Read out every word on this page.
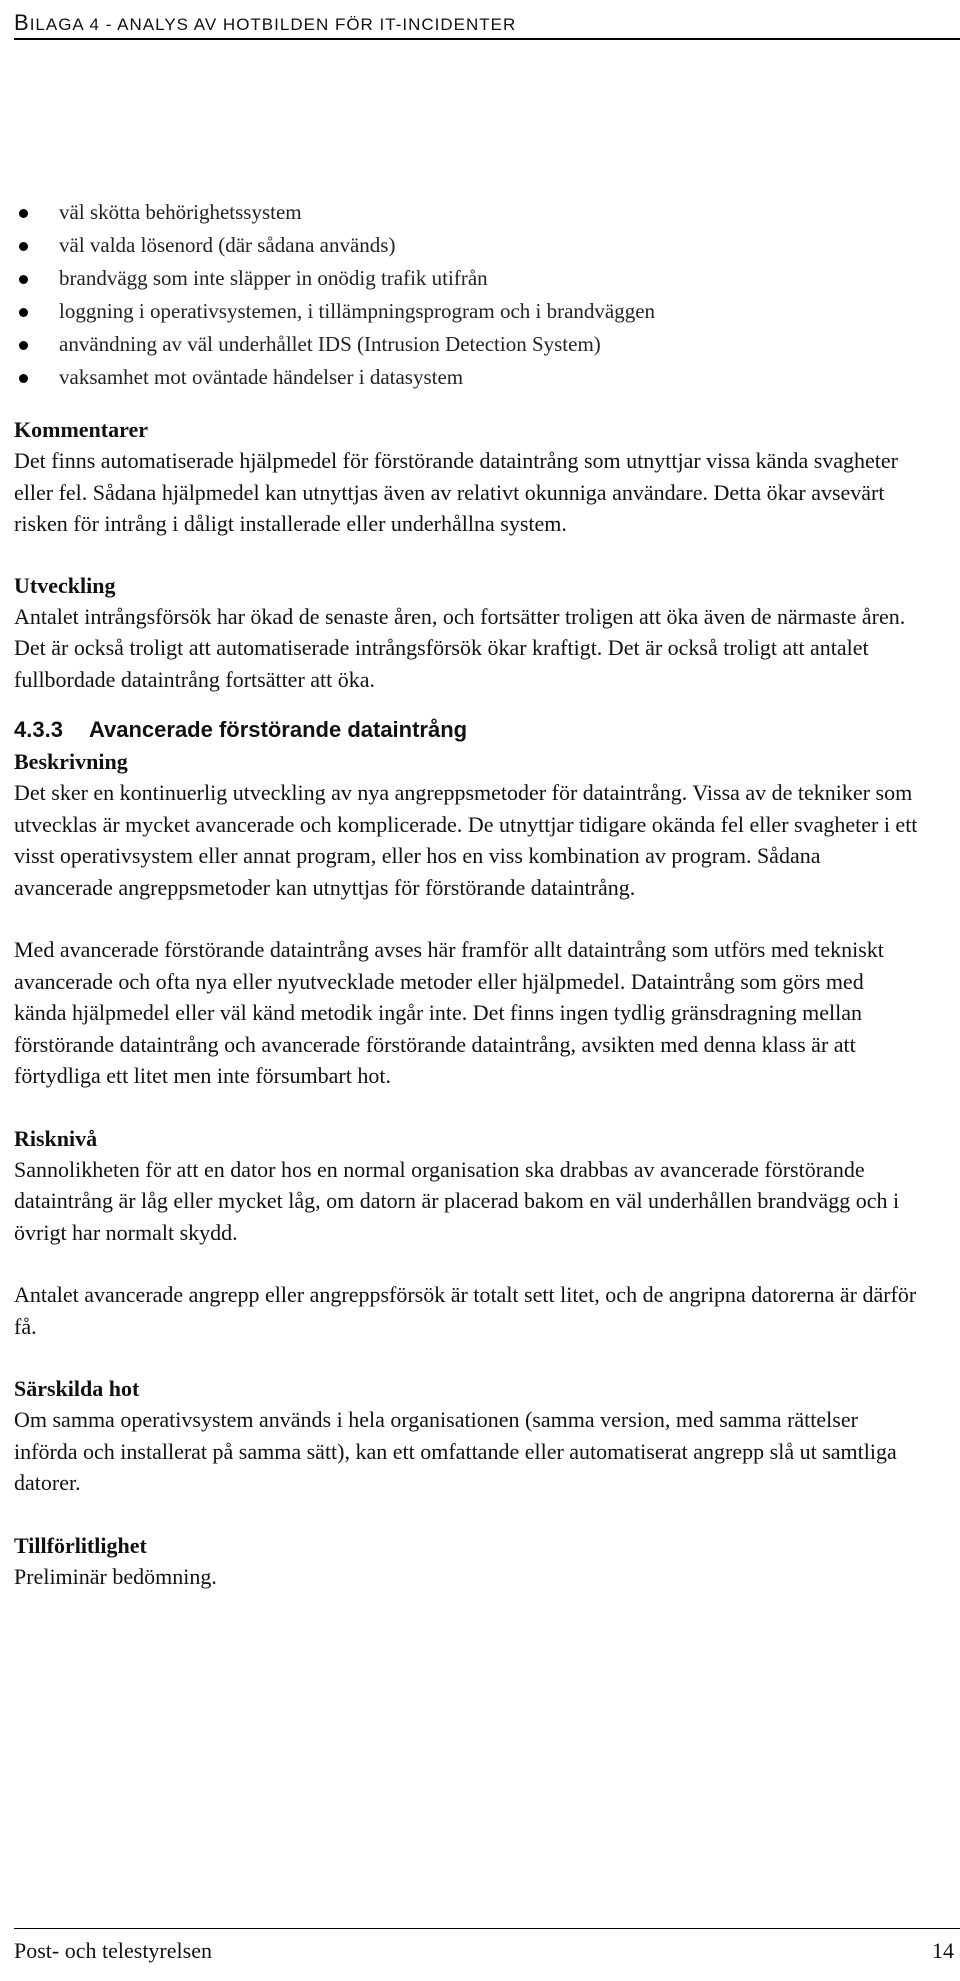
BILAGA 4 - ANALYS AV HOTBILDEN FÖR IT-INCIDENTER
väl skötta behörighetssystem
väl valda lösenord (där sådana används)
brandvägg som inte släpper in onödig trafik utifrån
loggning i operativsystemen, i tillämpningsprogram och i brandväggen
användning av väl underhållet IDS (Intrusion Detection System)
vaksamhet mot oväntade händelser i datasystem
Kommentarer

Det finns automatiserade hjälpmedel för förstörande dataintrång som utnyttjar vissa kända svagheter eller fel. Sådana hjälpmedel kan utnyttjas även av relativt okunniga användare. Detta ökar avsevärt risken för intrång i dåligt installerade eller underhållna system.

Utveckling

Antalet intrångsförsök har ökad de senaste åren, och fortsätter troligen att öka även de närmaste åren. Det är också troligt att automatiserade intrångsförsök ökar kraftigt. Det är också troligt att antalet fullbordade dataintrång fortsätter att öka.

4.3.3 Avancerade förstörande dataintrång
Beskrivning

Det sker en kontinuerlig utveckling av nya angreppsmetoder för dataintrång. Vissa av de tekniker som utvecklas är mycket avancerade och komplicerade. De utnyttjar tidigare okända fel eller svagheter i ett visst operativsystem eller annat program, eller hos en viss kombination av program. Sådana avancerade angreppsmetoder kan utnyttjas för förstörande dataintrång.

Med avancerade förstörande dataintrång avses här framför allt dataintrång som utförs med tekniskt avancerade och ofta nya eller nyutvecklade metoder eller hjälpmedel. Dataintrång som görs med kända hjälpmedel eller väl känd metodik ingår inte. Det finns ingen tydlig gränsdragning mellan förstörande dataintrång och avancerade förstörande dataintrång, avsikten med denna klass är att förtydliga ett litet men inte försumbart hot.

Risknivå

Sannolikheten för att en dator hos en normal organisation ska drabbas av avancerade förstörande dataintrång är låg eller mycket låg, om datorn är placerad bakom en väl underhållen brandvägg och i övrigt har normalt skydd.

Antalet avancerade angrepp eller angreppsförsök är totalt sett litet, och de angripna datorerna är därför få.

Särskilda hot

Om samma operativsystem används i hela organisationen (samma version, med samma rättelser införda och installerat på samma sätt), kan ett omfattande eller automatiserat angrepp slå ut samtliga datorer.

Tillförlitlighet

Preliminär bedömning.

Post- och telestyrelsen	14
